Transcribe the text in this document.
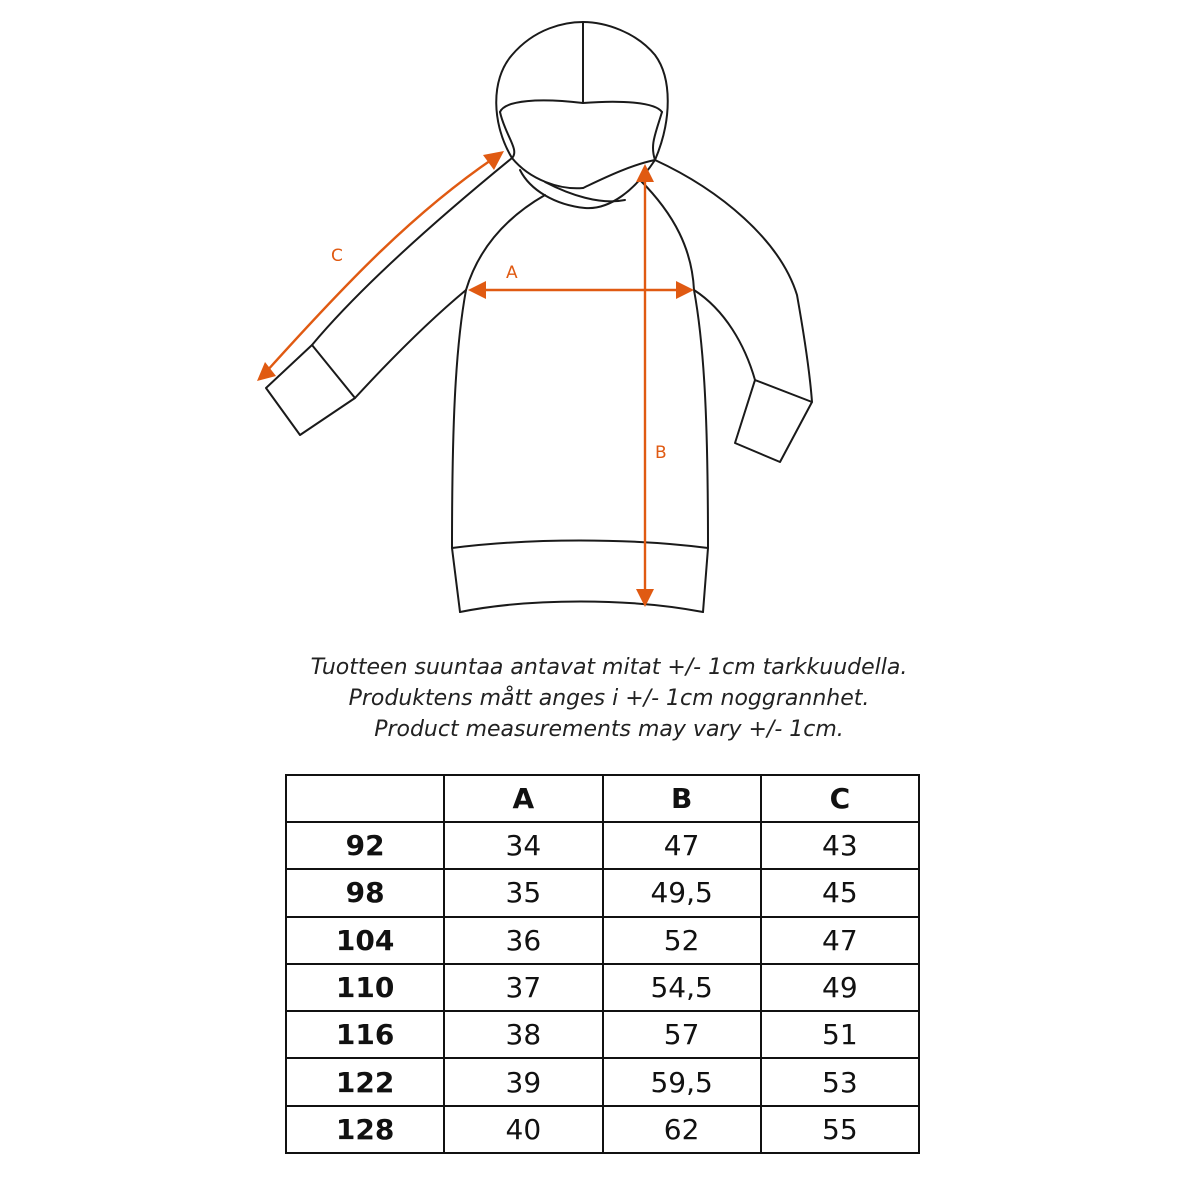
C
A
B
Tuotteen suuntaa antavat mitat +/- 1cm tarkkuudella.
Produktens mått anges i +/- 1cm noggrannhet.
Product measurements may vary +/- 1cm.
	A	B	C
92	34	47	43
98	35	49,5	45
104	36	52	47
110	37	54,5	49
116	38	57	51
122	39	59,5	53
128	40	62	55
